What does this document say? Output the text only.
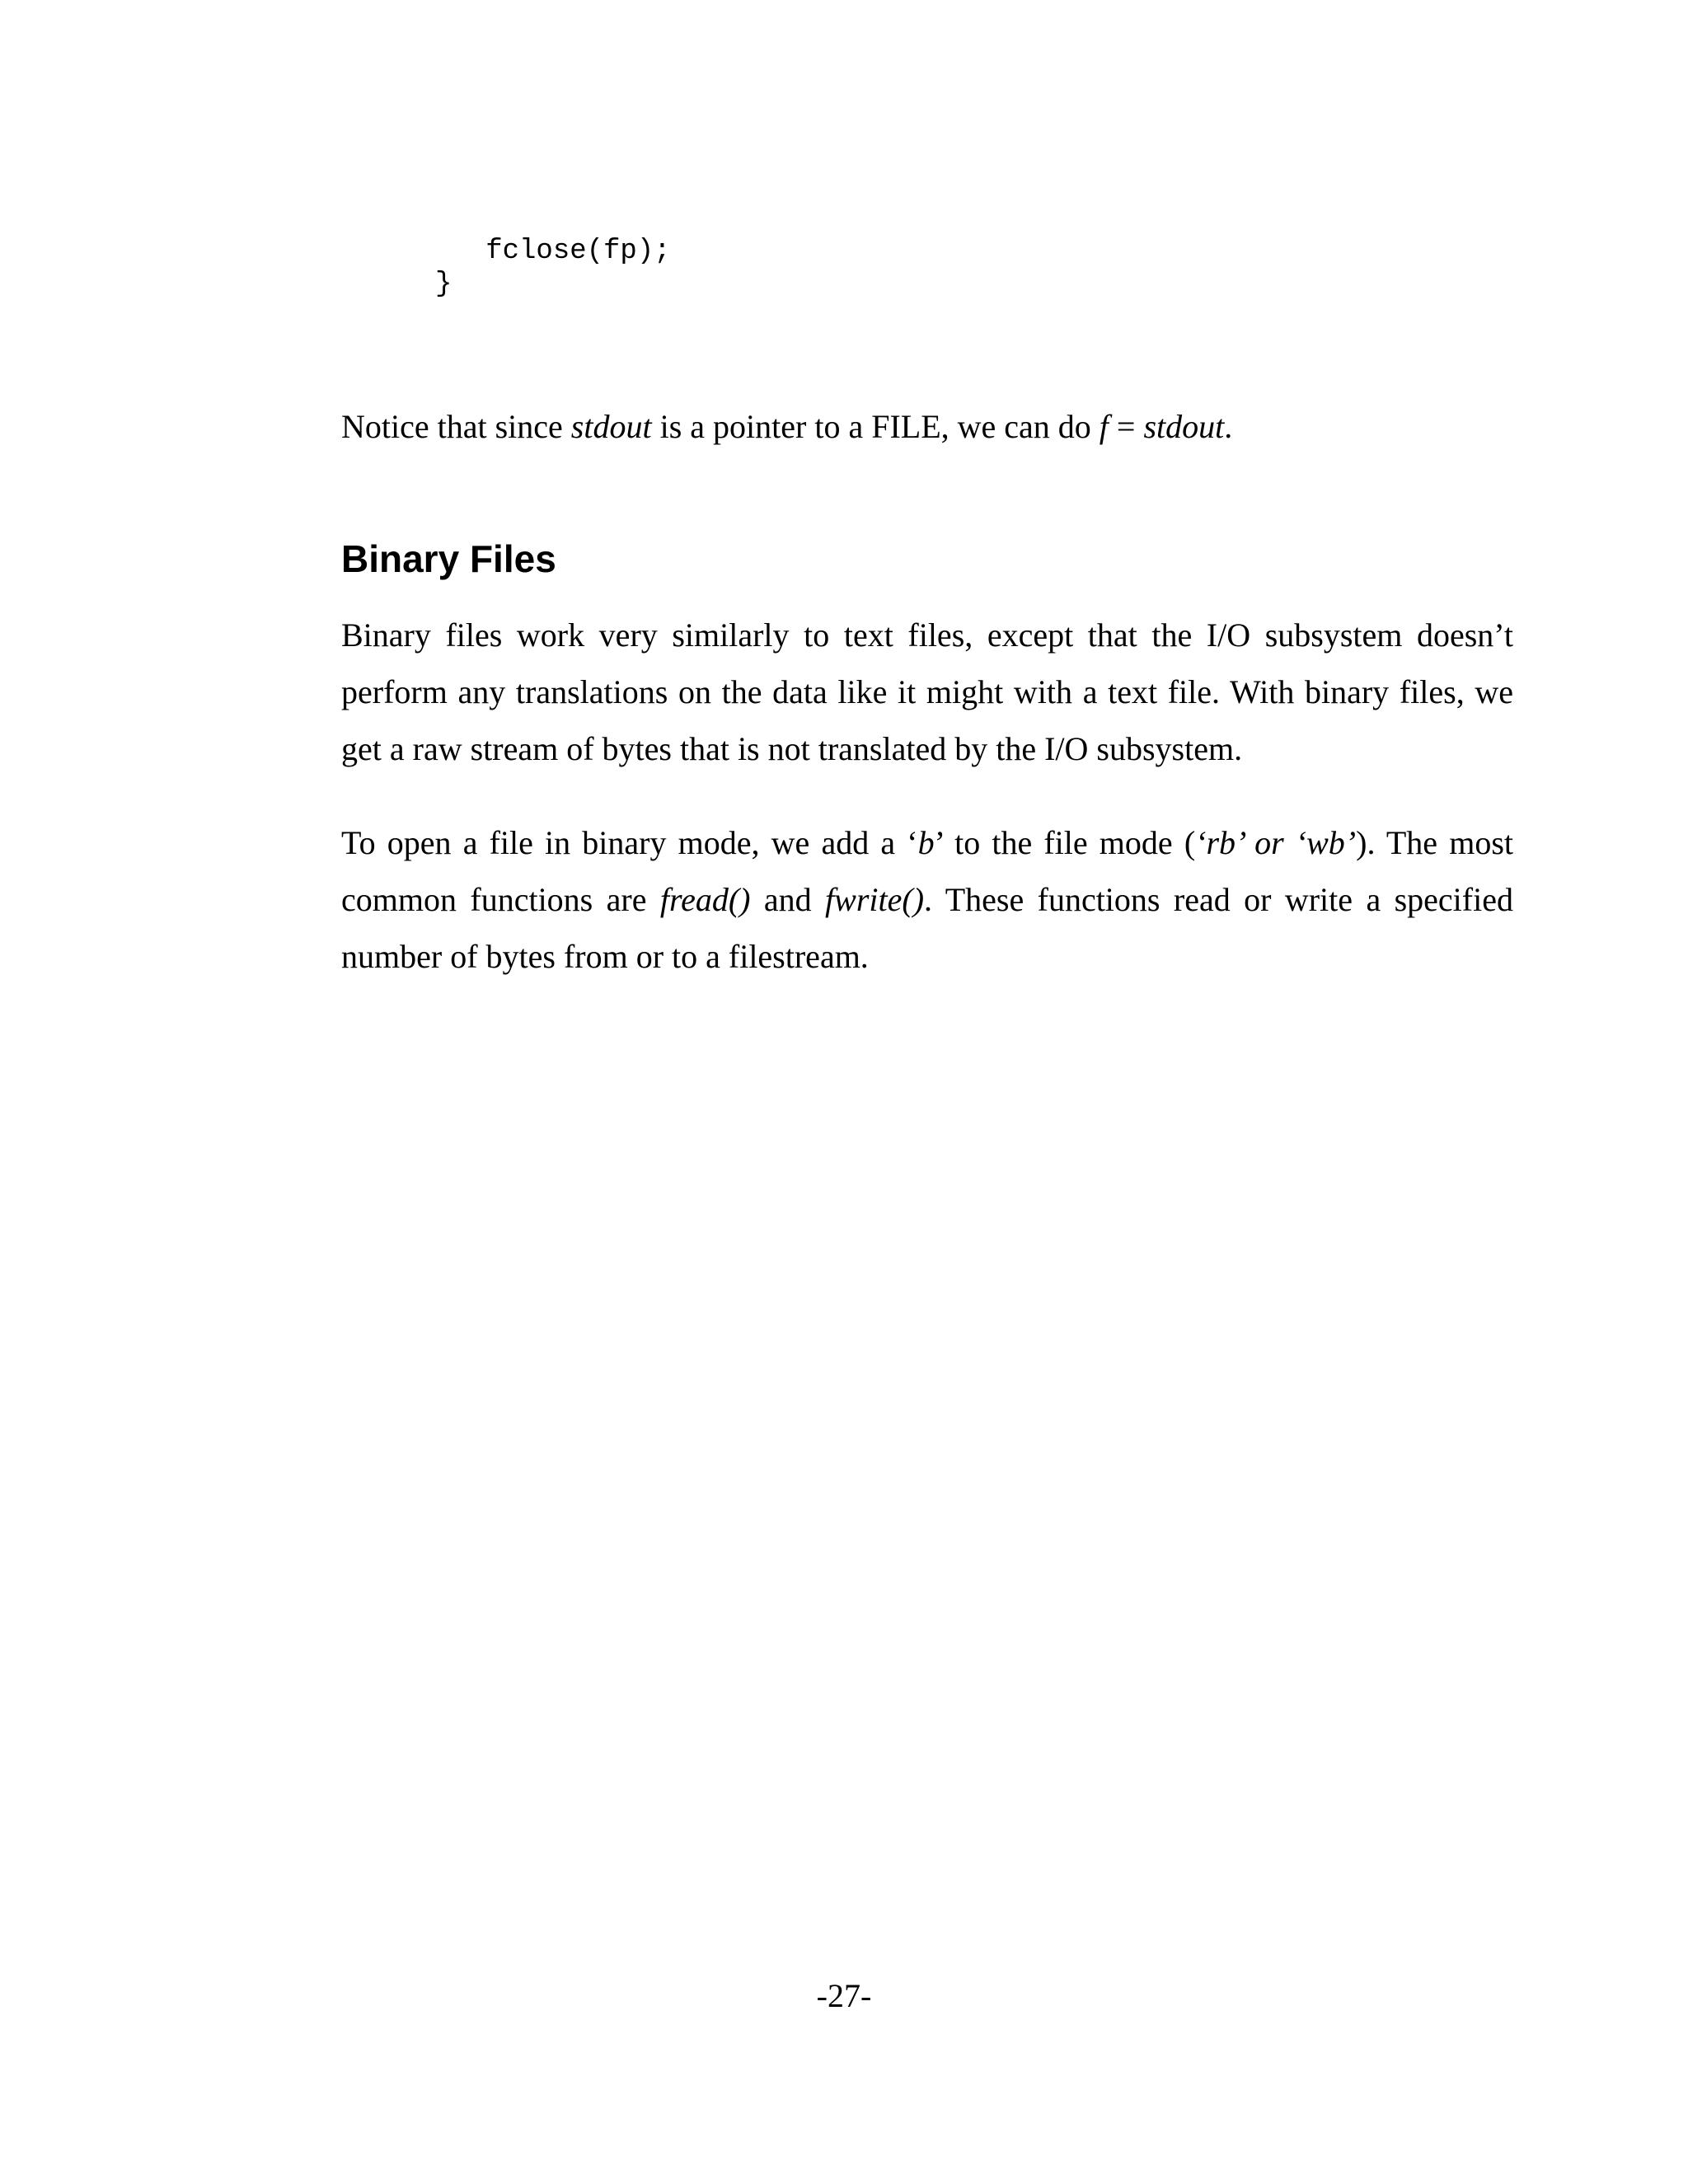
fclose(fp);
}

Notice that since stdout is a pointer to a FILE, we can do f = stdout.

Binary Files

Binary files work very similarly to text files, except that the I/O subsystem doesn’t perform any translations on the data like it might with a text file. With binary files, we get a raw stream of bytes that is not translated by the I/O subsystem.

To open a file in binary mode, we add a ‘b’ to the file mode (‘rb’ or ‘wb’). The most common functions are fread() and fwrite(). These functions read or write a specified number of bytes from or to a filestream.

-27-
